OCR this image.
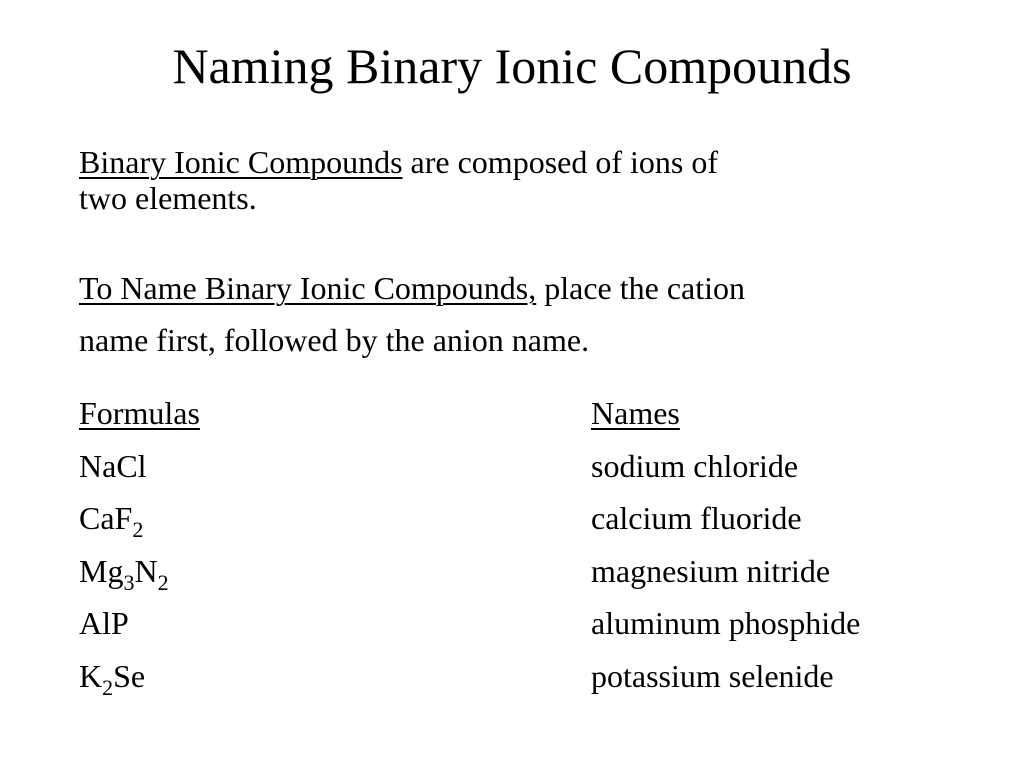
Naming Binary Ionic Compounds
Binary Ionic Compounds are composed of ions of
two elements.
To Name Binary Ionic Compounds, place the cation
name first, followed by the anion name.
Formulas
NaCl
CaF$_2$
$Mg_3N_2$
AlP
$K_2Se$
Names
sodium chloride
calcium fluoride
magnesium nitride
aluminum phosphide
potassium selenide
